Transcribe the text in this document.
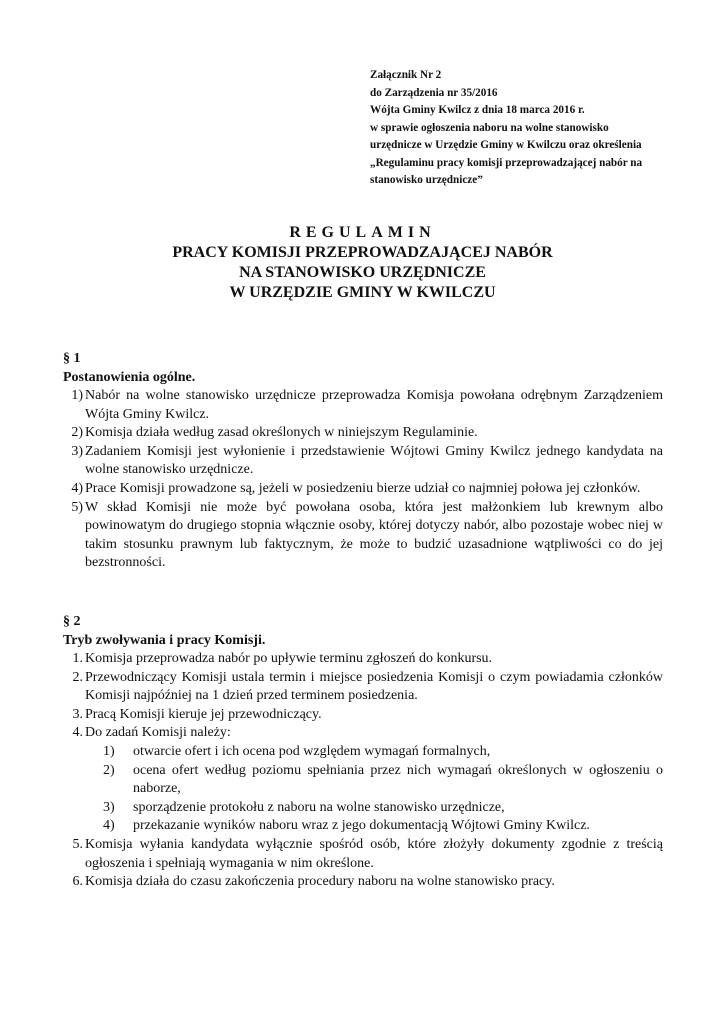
Załącznik Nr 2
do Zarządzenia nr 35/2016
Wójta Gminy Kwilcz z dnia 18 marca 2016 r.
w sprawie ogłoszenia naboru na wolne stanowisko
urzędnicze w Urzędzie Gminy w Kwilczu oraz określenia
„Regulaminu pracy komisji przeprowadzającej nabór na
stanowisko urzędnicze”
REGULAMIN
PRACY KOMISJI PRZEPROWADZAJĄCEJ NABÓR
NA STANOWISKO URZĘDNICZE
W URZĘDZIE GMINY W KWILCZU
§ 1
Postanowienia ogólne.
1) Nabór na wolne stanowisko urzędnicze przeprowadza Komisja powołana odrębnym Zarządzeniem Wójta Gminy Kwilcz.
2) Komisja działa według zasad określonych w niniejszym Regulaminie.
3) Zadaniem Komisji jest wyłonienie i przedstawienie Wójtowi Gminy Kwilcz jednego kandydata na wolne stanowisko urzędnicze.
4) Prace Komisji prowadzone są, jeżeli w posiedzeniu bierze udział co najmniej połowa jej członków.
5) W skład Komisji nie może być powołana osoba, która jest małżonkiem lub krewnym albo powinowatym do drugiego stopnia włącznie osoby, której dotyczy nabór, albo pozostaje wobec niej w takim stosunku prawnym lub faktycznym, że może to budzić uzasadnione wątpliwości co do jej bezstronności.
§ 2
Tryb zwoływania i pracy Komisji.
1. Komisja przeprowadza nabór po upływie terminu zgłoszeń do konkursu.
2. Przewodniczący Komisji ustala termin i miejsce posiedzenia Komisji o czym powiadamia członków Komisji najpóźniej na 1 dzień przed terminem posiedzenia.
3. Pracą Komisji kieruje jej przewodniczący.
4. Do zadań Komisji należy:
1)	otwarcie ofert i ich ocena pod względem wymagań formalnych,
2)	ocena ofert według poziomu spełniania przez nich wymagań określonych w ogłoszeniu o naborze,
3)	sporządzenie protokołu z naboru na wolne stanowisko urzędnicze,
4)	przekazanie wyników naboru wraz z jego dokumentacją Wójtowi Gminy Kwilcz.
5. Komisja wyłania kandydata wyłącznie spośród osób, które złożyły dokumenty zgodnie z treścią ogłoszenia i spełniają wymagania w nim określone.
6. Komisja działa do czasu zakończenia procedury naboru na wolne stanowisko pracy.
